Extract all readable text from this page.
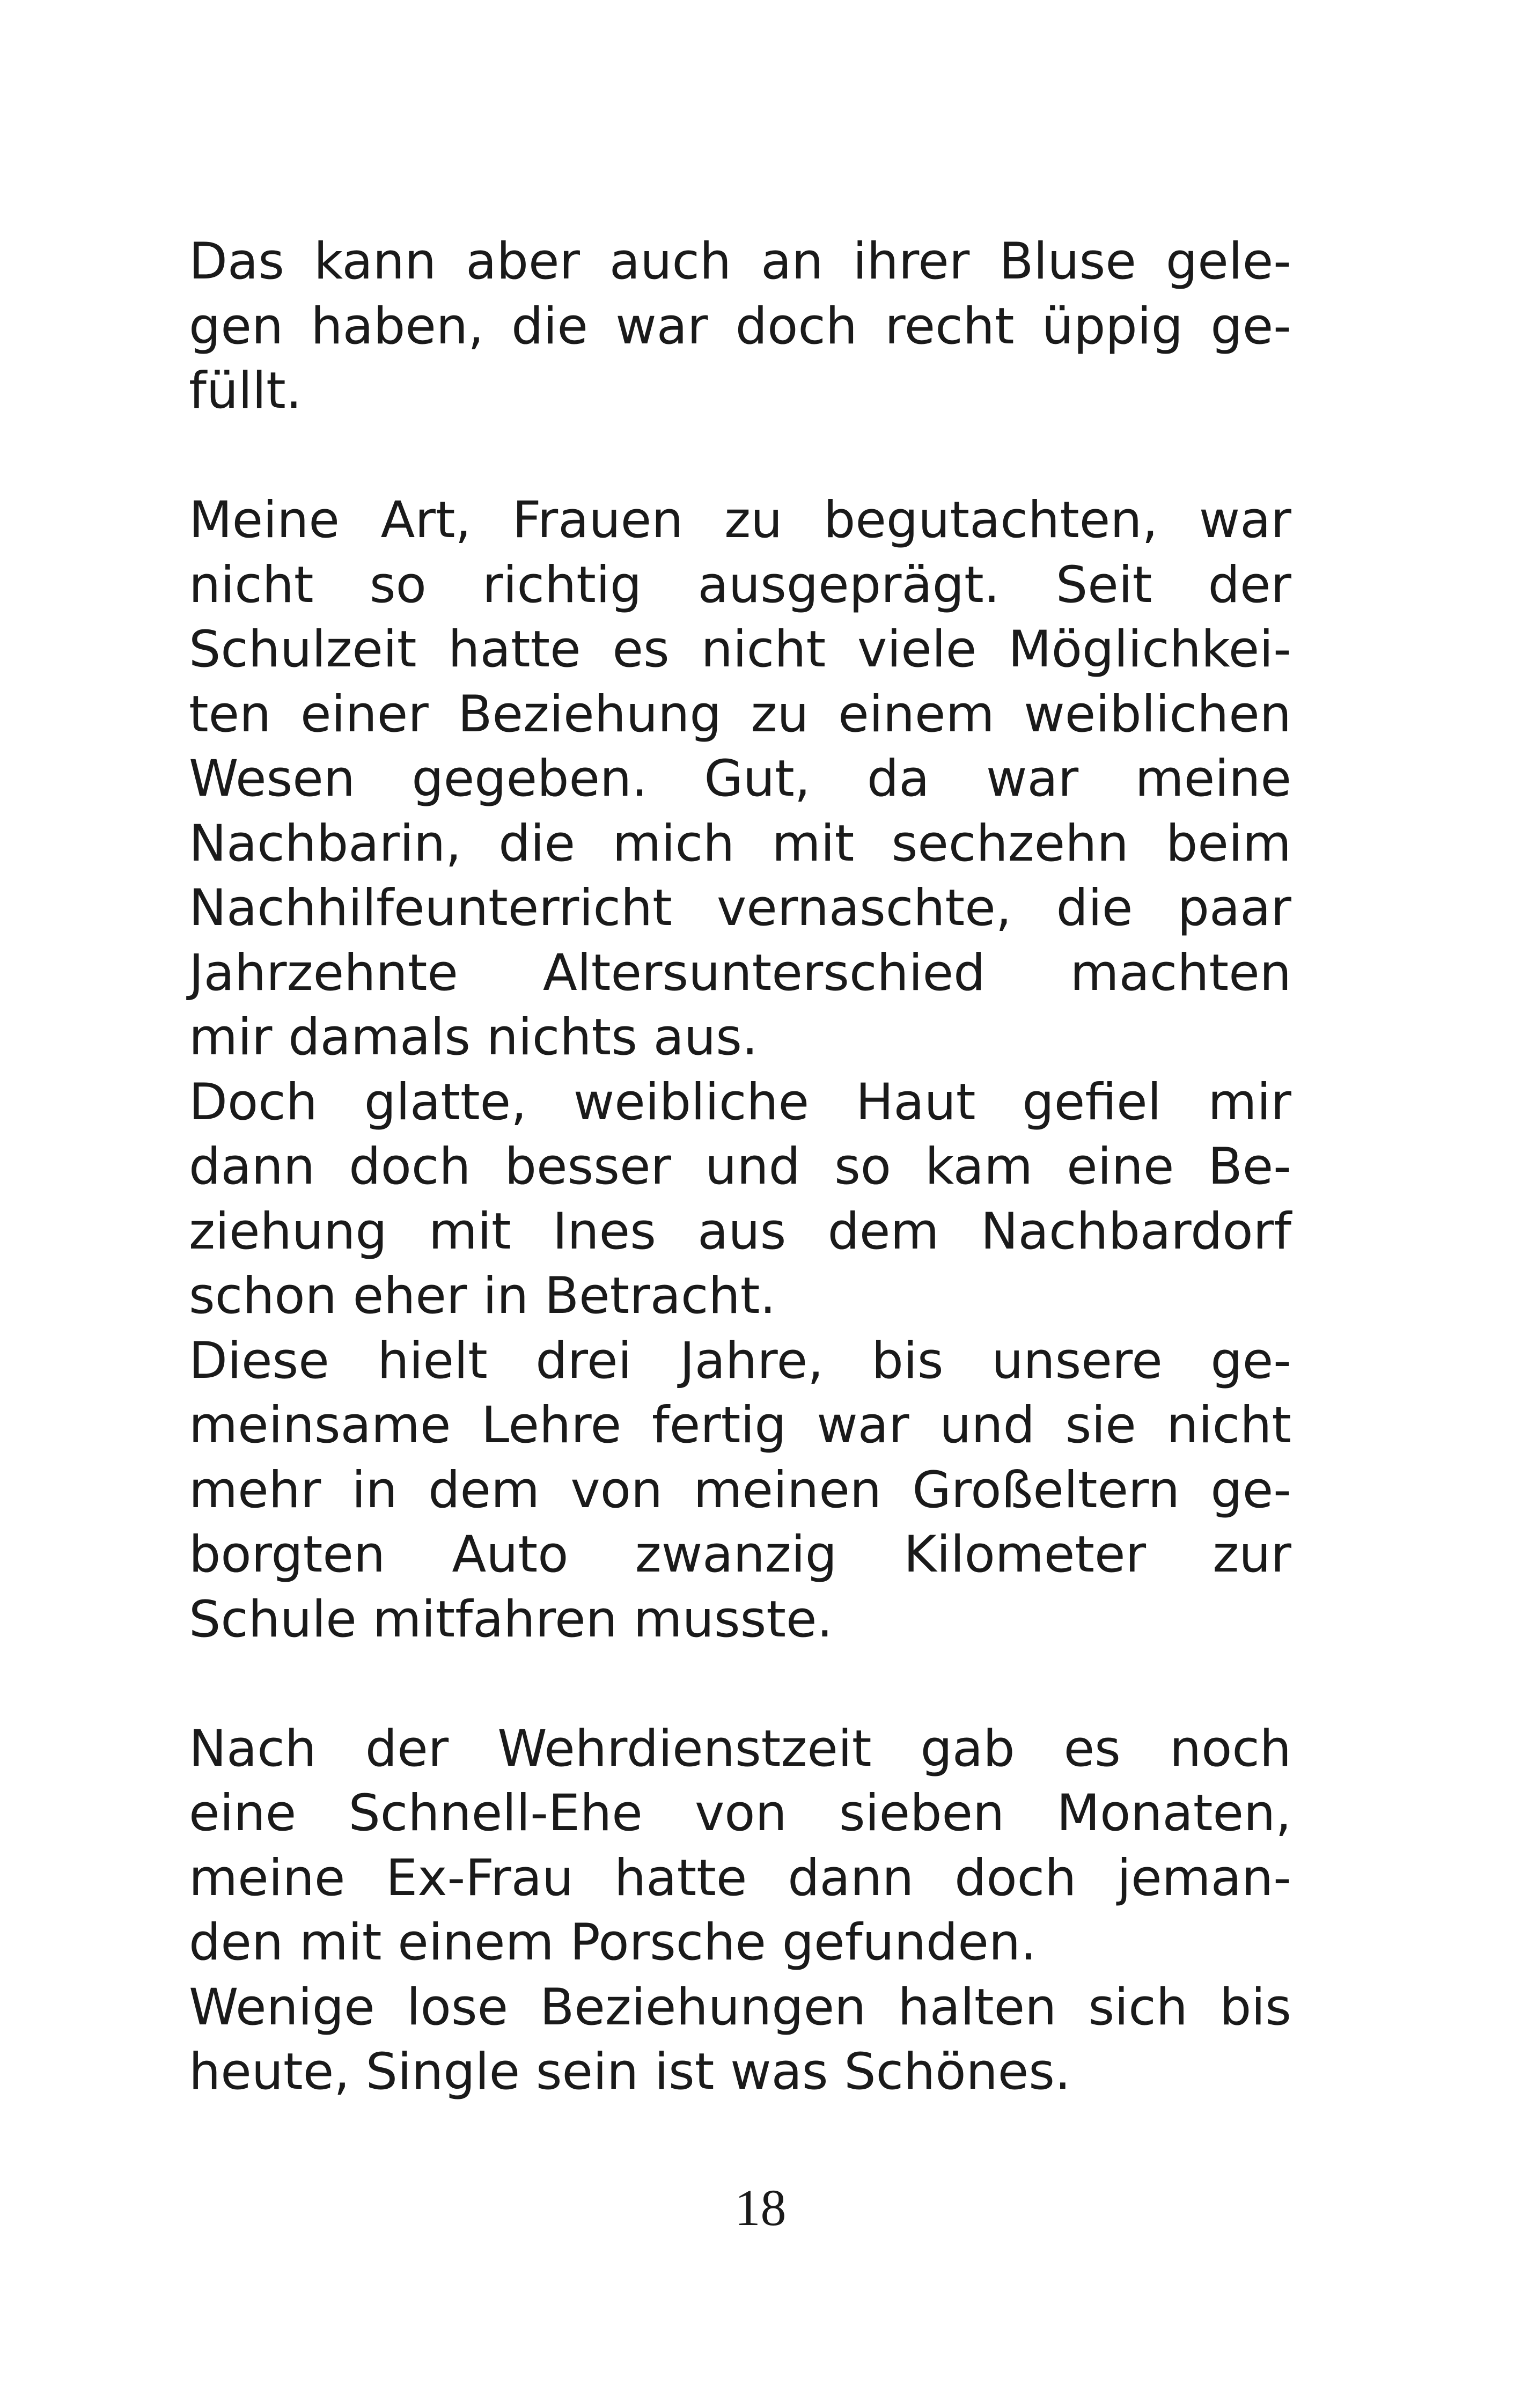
Das kann aber auch an ihrer Bluse gele-
gen haben, die war doch recht üppig ge-
füllt.
Meine Art, Frauen zu begutachten, war
nicht so richtig ausgeprägt. Seit der
Schulzeit hatte es nicht viele Möglichkei-
ten einer Beziehung zu einem weiblichen
Wesen gegeben. Gut, da war meine
Nachbarin, die mich mit sechzehn beim
Nachhilfeunterricht vernaschte, die paar
Jahrzehnte Altersunterschied machten
mir damals nichts aus.
Doch glatte, weibliche Haut gefiel mir
dann doch besser und so kam eine Be-
ziehung mit Ines aus dem Nachbardorf
schon eher in Betracht.
Diese hielt drei Jahre, bis unsere ge-
meinsame Lehre fertig war und sie nicht
mehr in dem von meinen Großeltern ge-
borgten Auto zwanzig Kilometer zur
Schule mitfahren musste.
Nach der Wehrdienstzeit gab es noch
eine Schnell-Ehe von sieben Monaten,
meine Ex-Frau hatte dann doch jeman-
den mit einem Porsche gefunden.
Wenige lose Beziehungen halten sich bis
heute, Single sein ist was Schönes.
18
